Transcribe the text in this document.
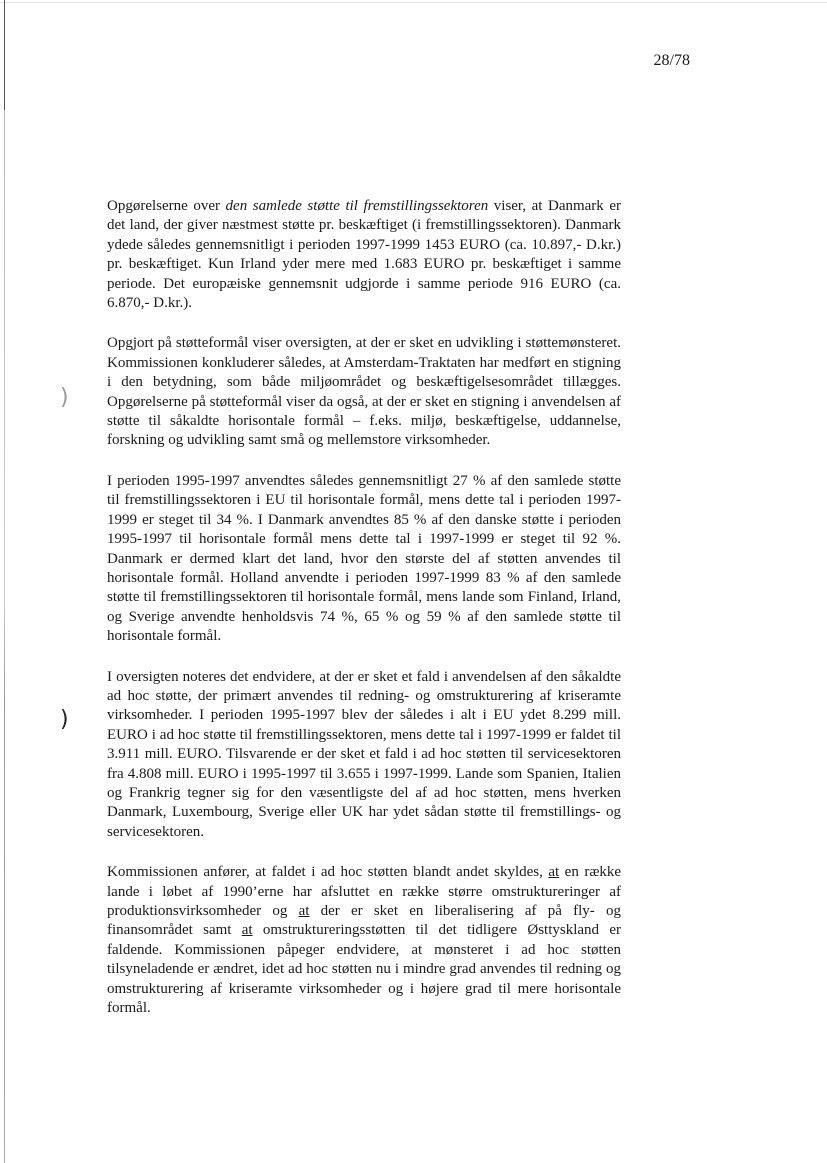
28/78
)
)

Opgørelserne over den samlede støtte til fremstillingssektoren viser, at Danmark er det land, der giver næstmest støtte pr. beskæftiget (i fremstillingssektoren). Danmark ydede således gennemsnitligt i perioden 1997-1999 1453 EURO (ca. 10.897,- D.kr.) pr. beskæftiget. Kun Irland yder mere med 1.683 EURO pr. beskæftiget i samme periode. Det europæiske gennemsnit udgjorde i samme periode 916 EURO (ca. 6.870,- D.kr.).

Opgjort på støtteformål viser oversigten, at der er sket en udvikling i støttemønsteret. Kommissionen konkluderer således, at Amsterdam-Traktaten har medført en stigning i den betydning, som både miljøområdet og beskæftigelsesområdet tillægges. Opgørelserne på støtteformål viser da også, at der er sket en stigning i anvendelsen af støtte til såkaldte horisontale formål – f.eks. miljø, beskæftigelse, uddannelse, forskning og udvikling samt små og mellemstore virksomheder.

I perioden 1995-1997 anvendtes således gennemsnitligt 27 % af den samlede støtte til fremstillingssektoren i EU til horisontale formål, mens dette tal i perioden 1997-1999 er steget til 34 %. I Danmark anvendtes 85 % af den danske støtte i perioden 1995-1997 til horisontale formål mens dette tal i 1997-1999 er steget til 92 %. Danmark er dermed klart det land, hvor den største del af støtten anvendes til horisontale formål. Holland anvendte i perioden 1997-1999 83 % af den samlede støtte til fremstillingssektoren til horisontale formål, mens lande som Finland, Irland, og Sverige anvendte henholdsvis 74 %, 65 % og 59 % af den samlede støtte til horisontale formål.

I oversigten noteres det endvidere, at der er sket et fald i anvendelsen af den såkaldte ad hoc støtte, der primært anvendes til redning- og omstrukturering af kriseramte virksomheder. I perioden 1995-1997 blev der således i alt i EU ydet 8.299 mill. EURO i ad hoc støtte til fremstillingssektoren, mens dette tal i 1997-1999 er faldet til 3.911 mill. EURO. Tilsvarende er der sket et fald i ad hoc støtten til servicesektoren fra 4.808 mill. EURO i 1995-1997 til 3.655 i 1997-1999. Lande som Spanien, Italien og Frankrig tegner sig for den væsentligste del af ad hoc støtten, mens hverken Danmark, Luxembourg, Sverige eller UK har ydet sådan støtte til fremstillings- og servicesektoren.

Kommissionen anfører, at faldet i ad hoc støtten blandt andet skyldes, at en række lande i løbet af 1990’erne har afsluttet en række større omstruktureringer af produktionsvirksomheder og at der er sket en liberalisering af på fly- og finansområdet samt at omstruktureringsstøtten til det tidligere Østtyskland er faldende. Kommissionen påpeger endvidere, at mønsteret i ad hoc støtten tilsyneladende er ændret, idet ad hoc støtten nu i mindre grad anvendes til redning og omstrukturering af kriseramte virksomheder og i højere grad til mere horisontale formål.
